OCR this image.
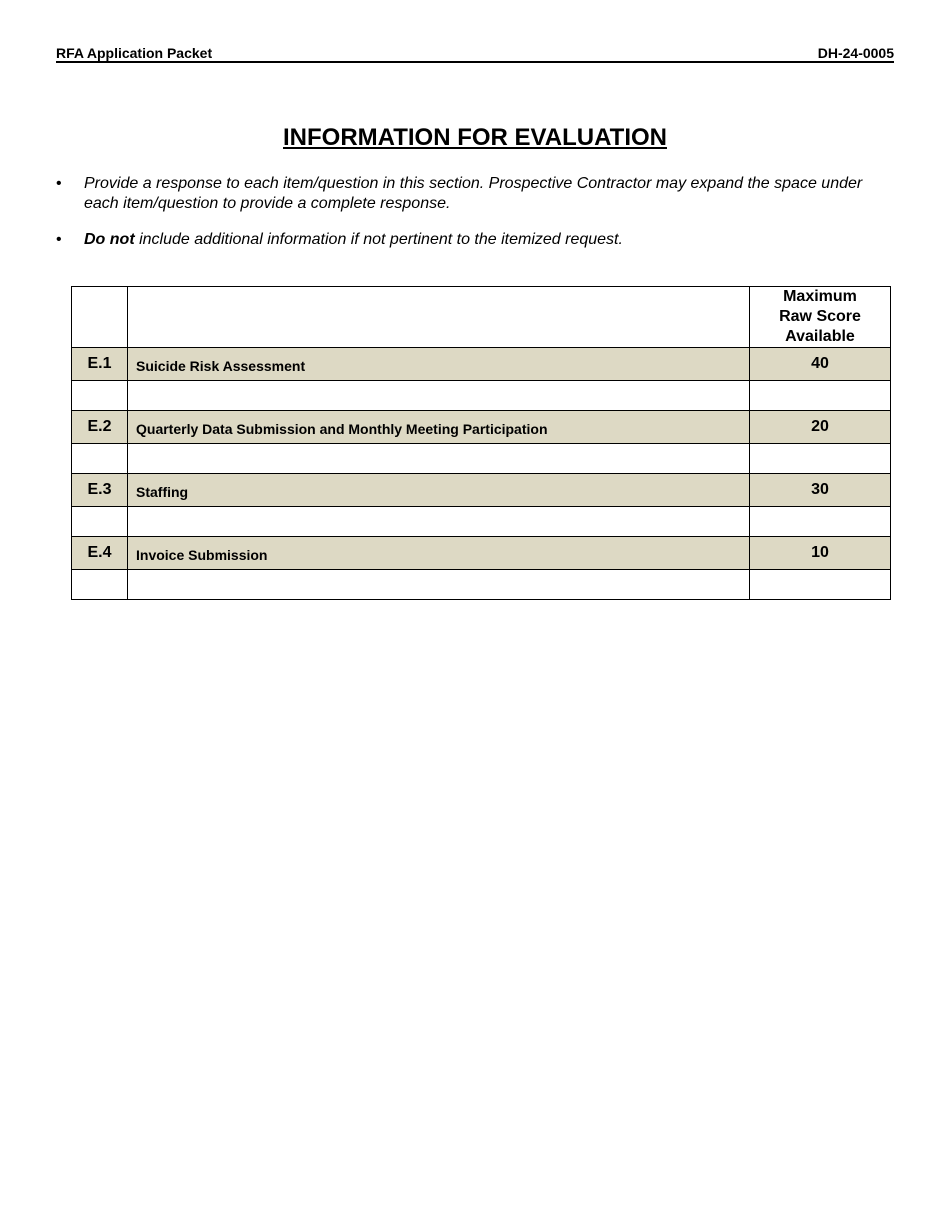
RFA Application Packet	DH-24-0005
INFORMATION FOR EVALUATION
• Provide a response to each item/question in this section. Prospective Contractor may expand the space under each item/question to provide a complete response.
• Do not include additional information if not pertinent to the itemized request.

		Maximum
Raw Score
Available

E.1	Suicide Risk Assessment	40

E.2	Quarterly Data Submission and Monthly Meeting Participation	20

E.3	Staffing	30

E.4	Invoice Submission	10
